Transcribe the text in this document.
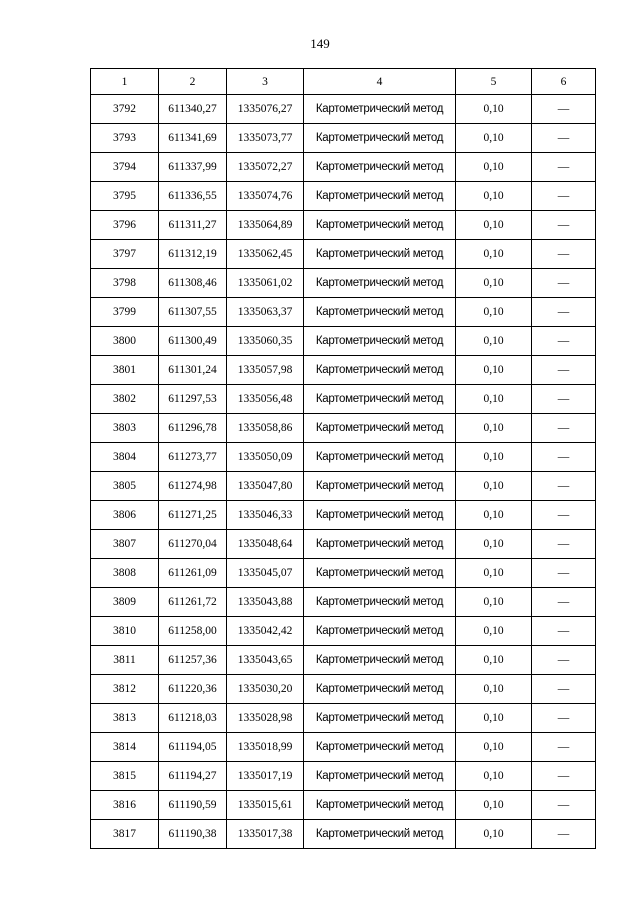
149
1	2	3	4	5	6
3792	611340,27	1335076,27	Картометрический метод	0,10	—
3793	611341,69	1335073,77	Картометрический метод	0,10	—
3794	611337,99	1335072,27	Картометрический метод	0,10	—
3795	611336,55	1335074,76	Картометрический метод	0,10	—
3796	611311,27	1335064,89	Картометрический метод	0,10	—
3797	611312,19	1335062,45	Картометрический метод	0,10	—
3798	611308,46	1335061,02	Картометрический метод	0,10	—
3799	611307,55	1335063,37	Картометрический метод	0,10	—
3800	611300,49	1335060,35	Картометрический метод	0,10	—
3801	611301,24	1335057,98	Картометрический метод	0,10	—
3802	611297,53	1335056,48	Картометрический метод	0,10	—
3803	611296,78	1335058,86	Картометрический метод	0,10	—
3804	611273,77	1335050,09	Картометрический метод	0,10	—
3805	611274,98	1335047,80	Картометрический метод	0,10	—
3806	611271,25	1335046,33	Картометрический метод	0,10	—
3807	611270,04	1335048,64	Картометрический метод	0,10	—
3808	611261,09	1335045,07	Картометрический метод	0,10	—
3809	611261,72	1335043,88	Картометрический метод	0,10	—
3810	611258,00	1335042,42	Картометрический метод	0,10	—
3811	611257,36	1335043,65	Картометрический метод	0,10	—
3812	611220,36	1335030,20	Картометрический метод	0,10	—
3813	611218,03	1335028,98	Картометрический метод	0,10	—
3814	611194,05	1335018,99	Картометрический метод	0,10	—
3815	611194,27	1335017,19	Картометрический метод	0,10	—
3816	611190,59	1335015,61	Картометрический метод	0,10	—
3817	611190,38	1335017,38	Картометрический метод	0,10	—
